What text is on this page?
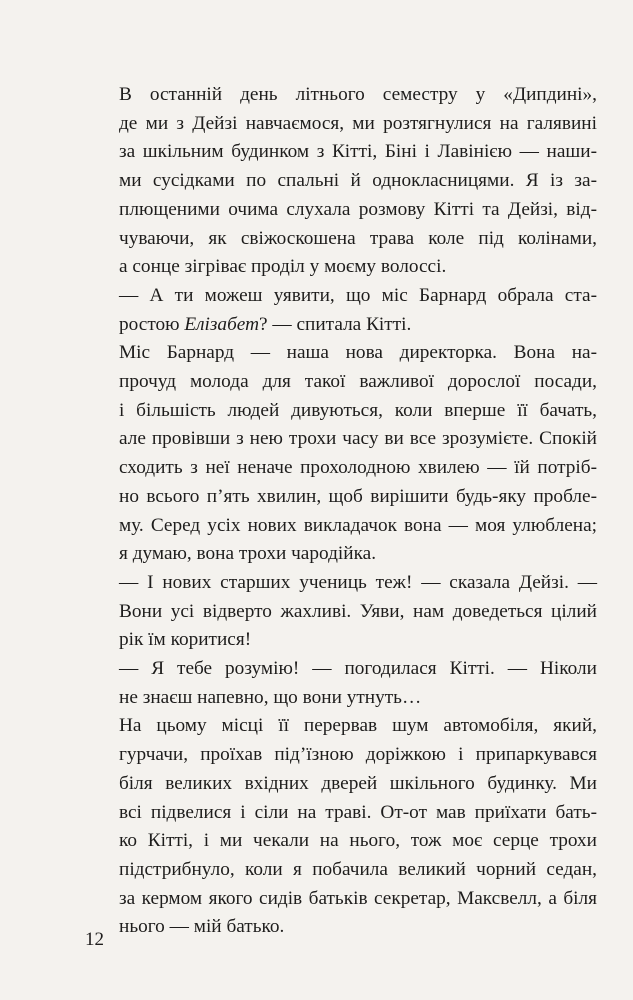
В останній день літнього семестру у «Дипдині»,
де ми з Дейзі навчаємося, ми розтягнулися на галявині
за шкільним будинком з Кітті, Біні і Лавінією — наши-
ми сусідками по спальні й однокласницями. Я із за-
плющеними очима слухала розмову Кітті та Дейзі, від-
чуваючи, як свіжоскошена трава коле під колінами,
а сонце зігріває проділ у моєму волоссі.
— А ти можеш уявити, що міс Барнард обрала ста-
ростою Елізабет? — спитала Кітті.
Міс Барнард — наша нова директорка. Вона на-
прочуд молода для такої важливої дорослої посади,
і більшість людей дивуються, коли вперше її бачать,
але провівши з нею трохи часу ви все зрозумієте. Спокій
сходить з неї неначе прохолодною хвилею — їй потріб-
но всього п’ять хвилин, щоб вирішити будь-яку пробле-
му. Серед усіх нових викладачок вона — моя улюблена;
я думаю, вона трохи чародійка.
— І нових старших учениць теж! — сказала Дейзі. —
Вони усі відверто жахливі. Уяви, нам доведеться цілий
рік їм коритися!
— Я тебе розумію! — погодилася Кітті. — Ніколи
не знаєш напевно, що вони утнуть…
На цьому місці її перервав шум автомобіля, який,
гурчачи, проїхав під’їзною доріжкою і припаркувався
біля великих вхідних дверей шкільного будинку. Ми
всі підвелися і сіли на траві. От-от мав приїхати бать-
ко Кітті, і ми чекали на нього, тож моє серце трохи
підстрибнуло, коли я побачила великий чорний седан,
за кермом якого сидів батьків секретар, Максвелл, а біля
нього — мій батько.
12
